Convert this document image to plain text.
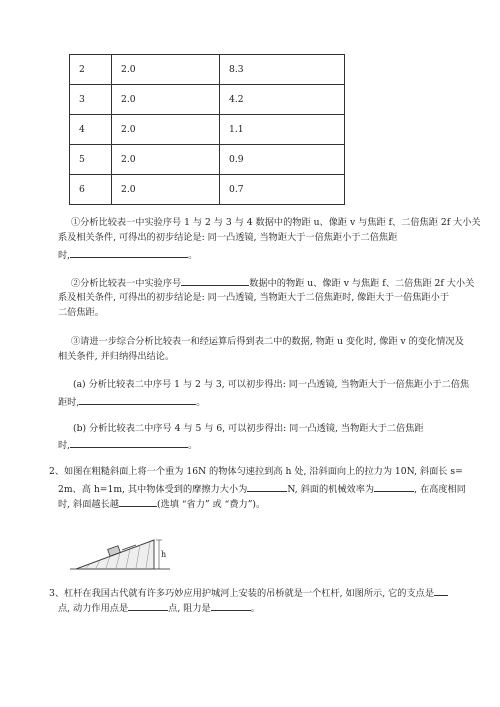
2	2.0	8.3
3	2.0	4.2
4	2.0	1.1
5	2.0	0.9
6	2.0	0.7
①分析比较表一中实验序号 1 与 2 与 3 与 4 数据中的物距 u、像距 v 与焦距 f、二倍焦距 2f 大小关
系及相关条件, 可得出的初步结论是: 同一凸透镜, 当物距大于一倍焦距小于二倍焦距
时,	。
②分析比较表一中实验序号	数据中的物距 u、像距 v 与焦距 f、二倍焦距 2f 大小关
系及相关条件, 可得出的初步结论是: 同一凸透镜, 当物距大于二倍焦距时, 像距大于一倍焦距小于
二倍焦距。
③请进一步综合分析比较表一和经运算后得到表二中的数据, 物距 u 变化时, 像距 v 的变化情况及
相关条件, 并归纳得出结论。
(a) 分析比较表二中序号 1 与 2 与 3, 可以初步得出: 同一凸透镜, 当物距大于一倍焦距小于二倍焦
距时,	。
(b) 分析比较表二中序号 4 与 5 与 6, 可以初步得出: 同一凸透镜, 当物距大于二倍焦距
时,	。
2、如图在粗糙斜面上将一个重为 16N 的物体匀速拉到高 h 处, 沿斜面向上的拉力为 10N, 斜面长 s=
2m、高 h=1m, 其中物体受到的摩擦力大小为	N, 斜面的机械效率为	, 在高度相同
时, 斜面越长越	(选填 “省力” 或 “费力”)。
h
3、杠杆在我国古代就有许多巧妙应用护城河上安装的吊桥就是一个杠杆, 如图所示, 它的支点是
点, 动力作用点是	点, 阻力是	。
